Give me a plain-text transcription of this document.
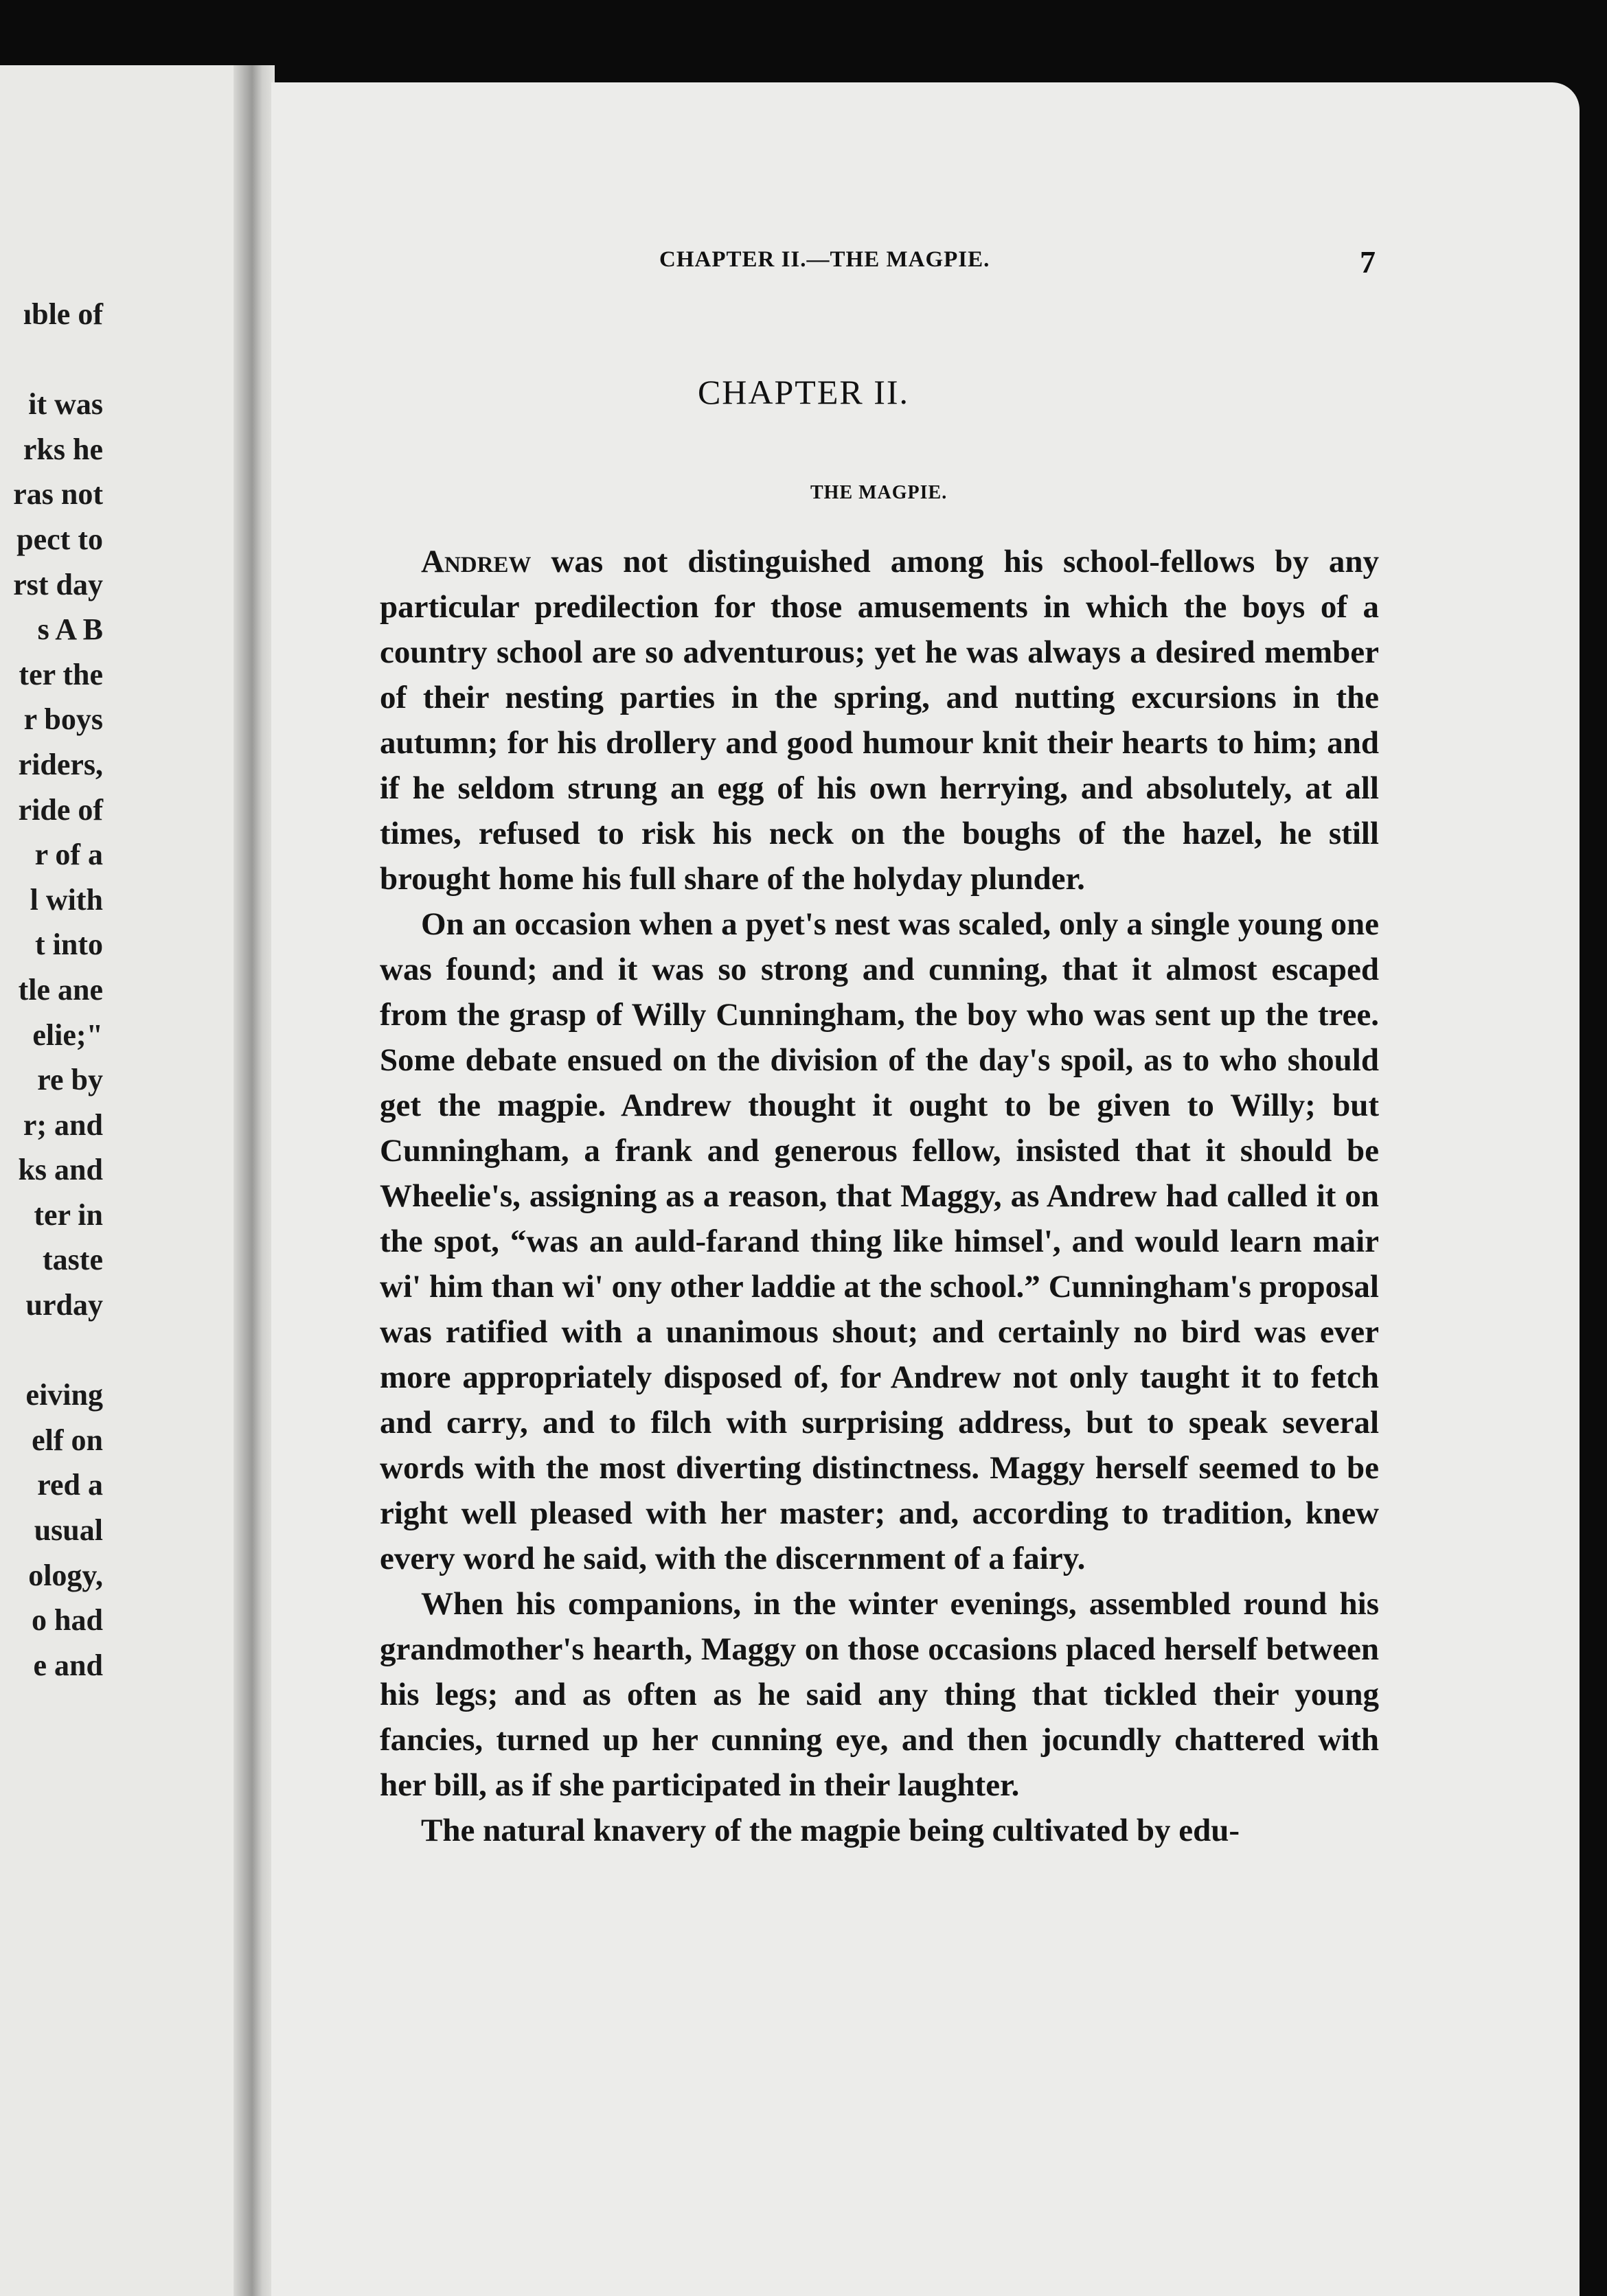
ıble of
it was
rks he
ras not
pect to
rst day
s A B
ter the
r boys
riders,
ride of
r of a
l with
t into
tle ane
elie;"
re by
r; and
ks and
ter in
taste
urday
eiving
elf on
red a
usual
ology,
o had
e and
CHAPTER II.—THE MAGPIE.	7
CHAPTER II.
THE MAGPIE.

Andrew was not distinguished among his school-fellows by any particular predilection for those amusements in which the boys of a country school are so adventurous; yet he was always a desired member of their nesting parties in the spring, and nutting excursions in the autumn; for his drollery and good humour knit their hearts to him; and if he seldom strung an egg of his own herrying, and absolutely, at all times, refused to risk his neck on the boughs of the hazel, he still brought home his full share of the holyday plunder.

On an occasion when a pyet's nest was scaled, only a single young one was found; and it was so strong and cunning, that it almost escaped from the grasp of Willy Cunningham, the boy who was sent up the tree. Some debate ensued on the division of the day's spoil, as to who should get the magpie. Andrew thought it ought to be given to Willy; but Cunningham, a frank and generous fellow, insisted that it should be Wheelie's, assigning as a reason, that Maggy, as Andrew had called it on the spot, “was an auld-farand thing like himsel', and would learn mair wi' him than wi' ony other laddie at the school.” Cunningham's proposal was ratified with a unanimous shout; and certainly no bird was ever more appropriately disposed of, for Andrew not only taught it to fetch and carry, and to filch with surprising address, but to speak several words with the most diverting distinctness. Maggy herself seemed to be right well pleased with her master; and, according to tradition, knew every word he said, with the discernment of a fairy.

When his companions, in the winter evenings, assembled round his grandmother's hearth, Maggy on those occasions placed herself between his legs; and as often as he said any thing that tickled their young fancies, turned up her cunning eye, and then jocundly chattered with her bill, as if she participated in their laughter.

The natural knavery of the magpie being cultivated by edu-
